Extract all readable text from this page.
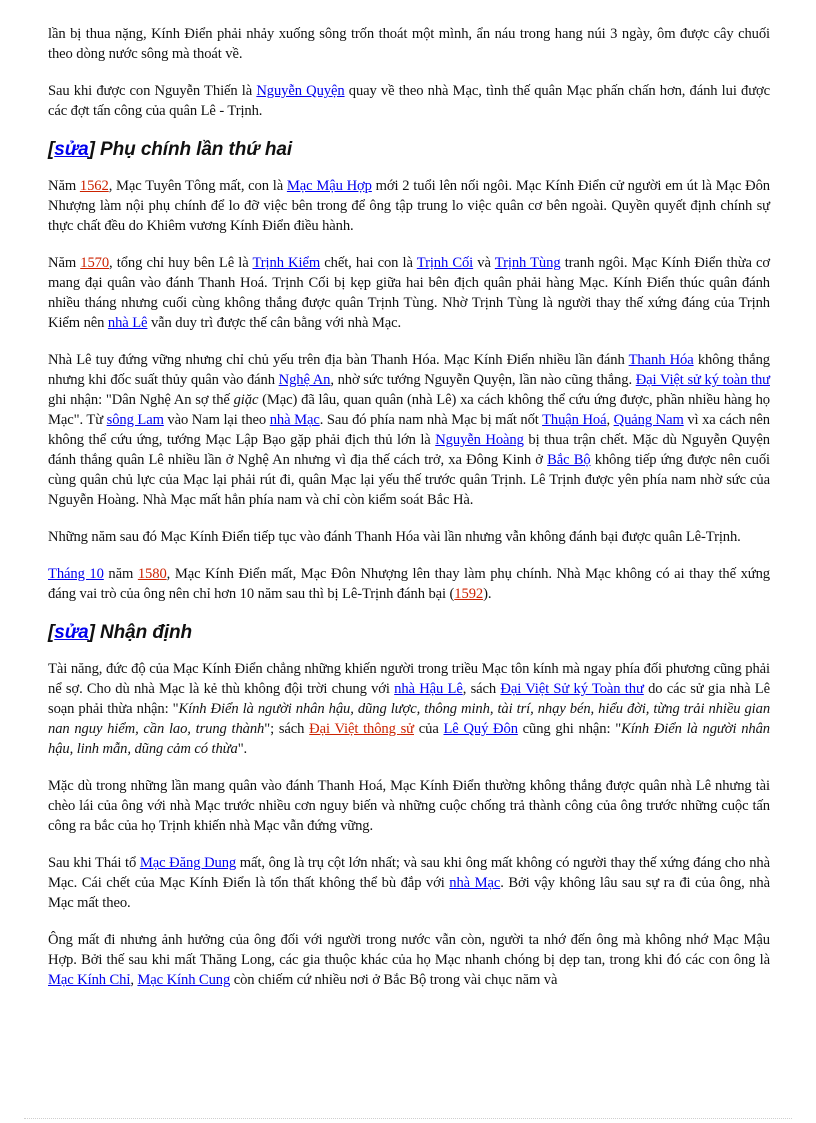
lần bị thua nặng, Kính Điển phải nhảy xuống sông trốn thoát một mình, ẩn náu trong hang núi 3 ngày, ôm được cây chuối theo dòng nước sông mà thoát về.

Sau khi được con Nguyễn Thiến là Nguyễn Quyện quay về theo nhà Mạc, tình thế quân Mạc phấn chấn hơn, đánh lui được các đợt tấn công của quân Lê - Trịnh.

[sửa] Phụ chính lần thứ hai

Năm 1562, Mạc Tuyên Tông mất, con là Mạc Mậu Hợp mới 2 tuổi lên nối ngôi. Mạc Kính Điển cử người em út là Mạc Đôn Nhượng làm nội phụ chính để lo đỡ việc bên trong để ông tập trung lo việc quân cơ bên ngoài. Quyền quyết định chính sự thực chất đều do Khiêm vương Kính Điển điều hành.

Năm 1570, tổng chỉ huy bên Lê là Trịnh Kiểm chết, hai con là Trịnh Cối và Trịnh Tùng tranh ngôi. Mạc Kính Điển thừa cơ mang đại quân vào đánh Thanh Hoá. Trịnh Cối bị kẹp giữa hai bên địch quân phải hàng Mạc. Kính Điển thúc quân đánh nhiều tháng nhưng cuối cùng không thắng được quân Trịnh Tùng. Nhờ Trịnh Tùng là người thay thế xứng đáng của Trịnh Kiểm nên nhà Lê vẫn duy trì được thế cân bằng với nhà Mạc.

Nhà Lê tuy đứng vững nhưng chỉ chủ yếu trên địa bàn Thanh Hóa. Mạc Kính Điển nhiều lần đánh Thanh Hóa không thắng nhưng khi đốc suất thủy quân vào đánh Nghệ An, nhờ sức tướng Nguyễn Quyện, lần nào cũng thắng. Đại Việt sử ký toàn thư ghi nhận: "Dân Nghệ An sợ thế giặc (Mạc) đã lâu, quan quân (nhà Lê) xa cách không thể cứu ứng được, phần nhiều hàng họ Mạc". Từ sông Lam vào Nam lại theo nhà Mạc. Sau đó phía nam nhà Mạc bị mất nốt Thuận Hoá, Quảng Nam vì xa cách nên không thể cứu ứng, tướng Mạc Lập Bạo gặp phải địch thủ lớn là Nguyễn Hoàng bị thua trận chết. Mặc dù Nguyễn Quyện đánh thắng quân Lê nhiều lần ở Nghệ An nhưng vì địa thế cách trở, xa Đông Kinh ở Bắc Bộ không tiếp ứng được nên cuối cùng quân chủ lực của Mạc lại phải rút đi, quân Mạc lại yếu thế trước quân Trịnh. Lê Trịnh được yên phía nam nhờ sức của Nguyễn Hoàng. Nhà Mạc mất hẳn phía nam và chỉ còn kiểm soát Bắc Hà.

Những năm sau đó Mạc Kính Điển tiếp tục vào đánh Thanh Hóa vài lần nhưng vẫn không đánh bại được quân Lê-Trịnh.

Tháng 10 năm 1580, Mạc Kính Điển mất, Mạc Đôn Nhượng lên thay làm phụ chính. Nhà Mạc không có ai thay thế xứng đáng vai trò của ông nên chỉ hơn 10 năm sau thì bị Lê-Trịnh đánh bại (1592).

[sửa] Nhận định

Tài năng, đức độ của Mạc Kính Điển chẳng những khiến người trong triều Mạc tôn kính mà ngay phía đối phương cũng phải nể sợ. Cho dù nhà Mạc là kẻ thù không đội trời chung với nhà Hậu Lê, sách Đại Việt Sử ký Toàn thư do các sử gia nhà Lê soạn phải thừa nhận: "Kính Điển là người nhân hậu, dũng lược, thông minh, tài trí, nhạy bén, hiểu đời, từng trải nhiều gian nan nguy hiểm, cần lao, trung thành"; sách Đại Việt thông sử của Lê Quý Đôn cũng ghi nhận: "Kính Điển là người nhân hậu, linh mẫn, dũng cảm có thừa".

Mặc dù trong những lần mang quân vào đánh Thanh Hoá, Mạc Kính Điển thường không thắng được quân nhà Lê nhưng tài chèo lái của ông với nhà Mạc trước nhiều cơn nguy biến và những cuộc chống trả thành công của ông trước những cuộc tấn công ra bắc của họ Trịnh khiến nhà Mạc vẫn đứng vững.

Sau khi Thái tổ Mạc Đăng Dung mất, ông là trụ cột lớn nhất; và sau khi ông mất không có người thay thế xứng đáng cho nhà Mạc. Cái chết của Mạc Kính Điển là tổn thất không thể bù đắp với nhà Mạc. Bởi vậy không lâu sau sự ra đi của ông, nhà Mạc mất theo.

Ông mất đi nhưng ảnh hưởng của ông đối với người trong nước vẫn còn, người ta nhớ đến ông mà không nhớ Mạc Mậu Hợp. Bởi thế sau khi mất Thăng Long, các gia thuộc khác của họ Mạc nhanh chóng bị dẹp tan, trong khi đó các con ông là Mạc Kính Chỉ, Mạc Kính Cung còn chiếm cứ nhiều nơi ở Bắc Bộ trong vài chục năm và
